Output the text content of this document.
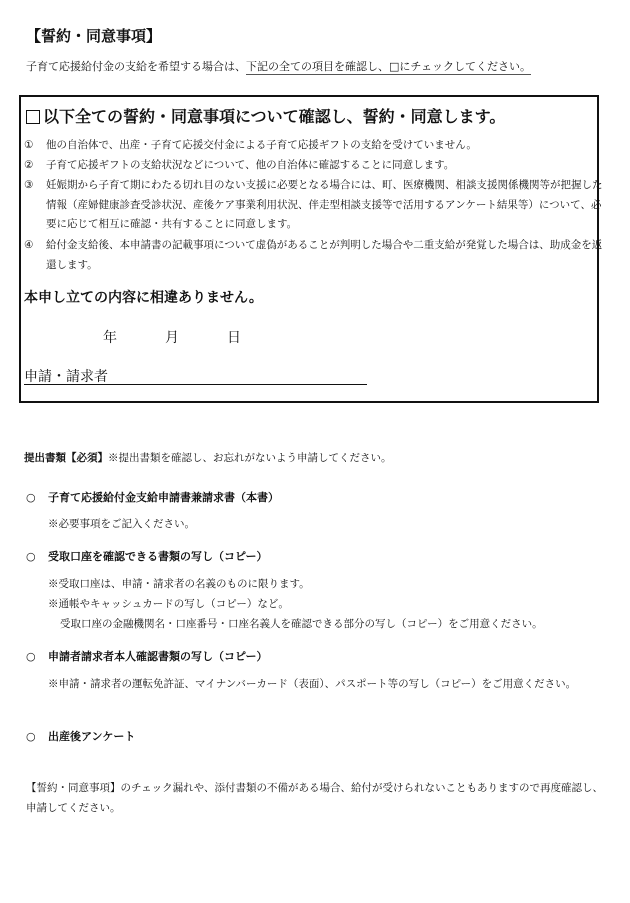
【誓約・同意事項】
子育て応援給付金の支給を希望する場合は、下記の全ての項目を確認し、□にチェックしてください。
以下全ての誓約・同意事項について確認し、誓約・同意します。
① 他の自治体で、出産・子育て応援交付金による子育て応援ギフトの支給を受けていません。
② 子育て応援ギフトの支給状況などについて、他の自治体に確認することに同意します。
③ 妊娠期から子育て期にわたる切れ目のない支援に必要となる場合には、町、医療機関、相談支援関係機関等が把握した情報（産婦健康診査受診状況、産後ケア事業利用状況、伴走型相談支援等で活用するアンケート結果等）について、必要に応じて相互に確認・共有することに同意します。
④ 給付金支給後、本申請書の記載事項について虚偽があることが判明した場合や二重支給が発覚した場合は、助成金を返還します。
本申し立ての内容に相違ありません。
年	月	日
申請・請求者
提出書類【必須】※提出書類を確認し、お忘れがないよう申請してください。
○ 子育て応援給付金支給申請書兼請求書（本書）
※必要事項をご記入ください。
○ 受取口座を確認できる書類の写し（コピー）
※受取口座は、申請・請求者の名義のものに限ります。
※通帳やキャッシュカードの写し（コピー）など。
受取口座の金融機関名・口座番号・口座名義人を確認できる部分の写し（コピー）をご用意ください。
○ 申請者請求者本人確認書類の写し（コピー）
※申請・請求者の運転免許証、マイナンバーカード（表面）、パスポート等の写し（コピー）をご用意ください。
○ 出産後アンケート
【誓約・同意事項】のチェック漏れや、添付書類の不備がある場合、給付が受けられないこともありますので再度確認し、申請してください。
